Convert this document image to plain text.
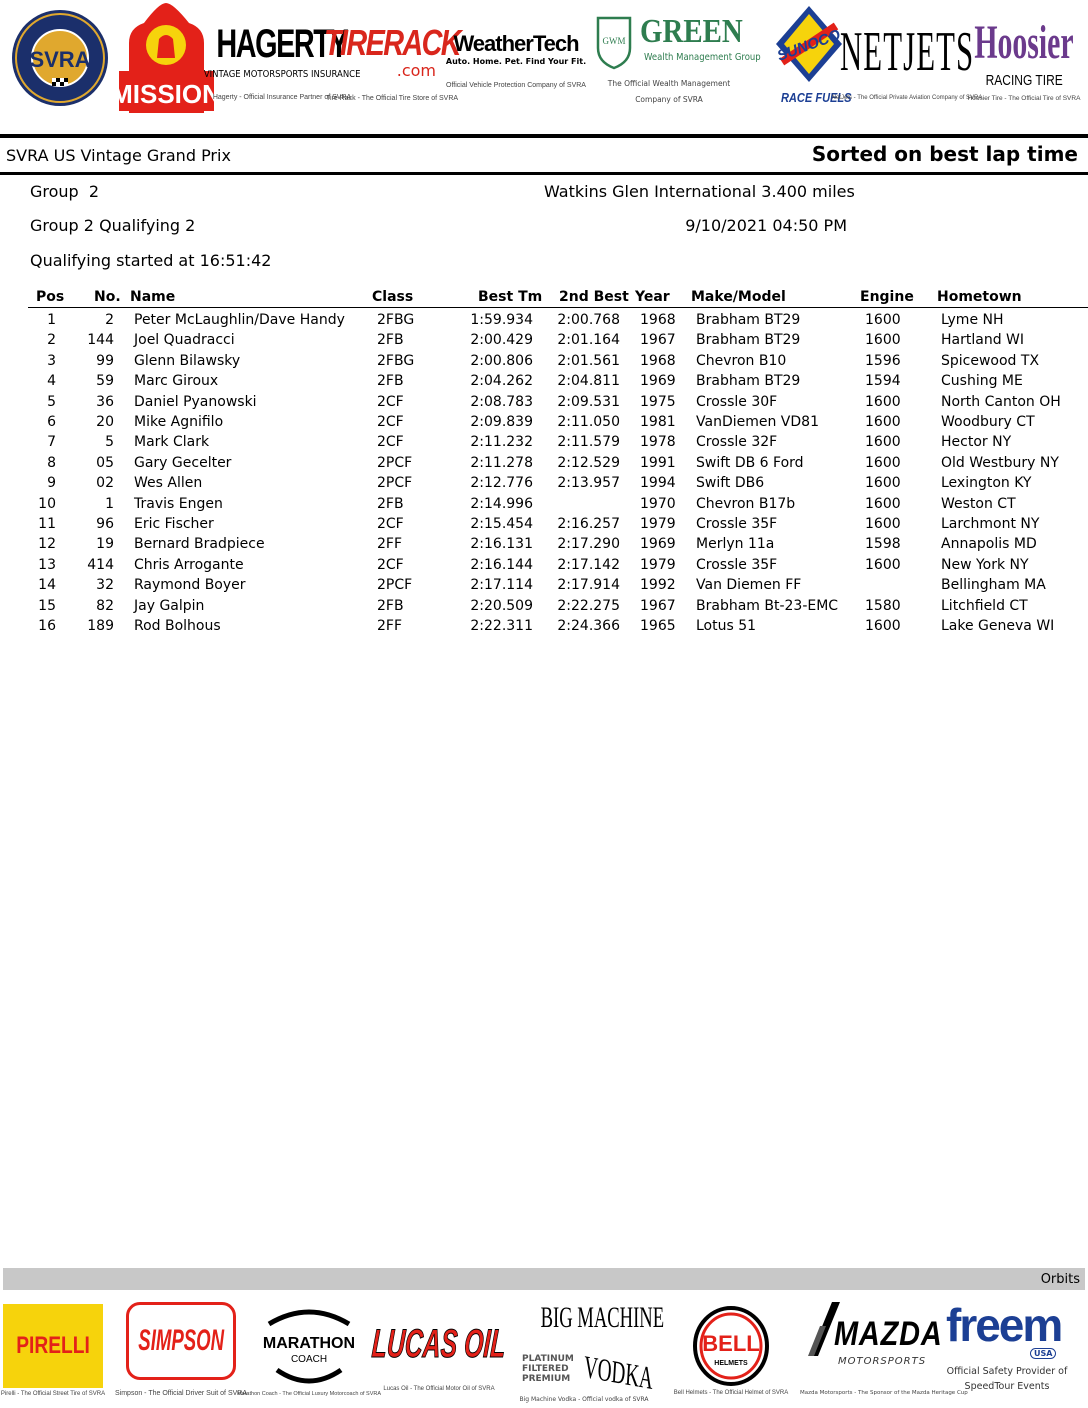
SVRA
MISSION
HAGERTY
VINTAGE MOTORSPORTS INSURANCE
Hagerty - Official Insurance Partner of SVRA
TIRERACK
.com
Tire Rack - The Official Tire Store of SVRA
WeatherTech
Auto. Home. Pet. Find Your Fit.
Official Vehicle Protection Company of SVRA
GWM GREEN
Wealth Management Group
The Official Wealth Management Company of SVRA
SUNOCO
RACE FUELS
NETJETS
NetJets - The Official Private Aviation Company of SVRA
Hoosier
RACING TIRE
Hoosier Tire - The Official Tire of SVRA
SVRA US Vintage Grand Prix	Sorted on best lap time
Group  2	Watkins Glen International 3.400 miles
Group 2 Qualifying 2	9/10/2021 04:50 PM
Qualifying started at 16:51:42
Pos No. Name	Class	Best Tm 2nd Best Year Make/Model	Engine Hometown
1	2 Peter McLaughlin/Dave Handy	2FBG	1:59.934	2:00.768 1968	Brabham BT29	1600	Lyme NH
2	144 Joel Quadracci	2FB	2:00.429	2:01.164 1967	Brabham BT29	1600	Hartland WI
3	99 Glenn Bilawsky	2FBG	2:00.806	2:01.561 1968	Chevron B10	1596	Spicewood TX
4	59 Marc Giroux	2FB	2:04.262	2:04.811 1969	Brabham BT29	1594	Cushing ME
5	36 Daniel Pyanowski	2CF	2:08.783	2:09.531 1975	Crossle 30F	1600	North Canton OH
6	20 Mike Agnifilo	2CF	2:09.839	2:11.050 1981	VanDiemen VD81	1600	Woodbury CT
7	5 Mark Clark	2CF	2:11.232	2:11.579 1978	Crossle 32F	1600	Hector NY
8	05 Gary Gecelter	2PCF	2:11.278	2:12.529 1991	Swift DB 6 Ford	1600	Old Westbury NY
9	02 Wes Allen	2PCF	2:12.776	2:13.957 1994	Swift DB6	1600	Lexington KY
10	1 Travis Engen	2FB	2:14.996	1970	Chevron B17b	1600	Weston CT
11	96 Eric Fischer	2CF	2:15.454	2:16.257 1979	Crossle 35F	1600	Larchmont NY
12	19 Bernard Bradpiece	2FF	2:16.131	2:17.290 1969	Merlyn 11a	1598	Annapolis MD
13	414 Chris Arrogante	2CF	2:16.144	2:17.142 1979	Crossle 35F	1600	New York NY
14	32 Raymond Boyer	2PCF	2:17.114	2:17.914 1992	Van Diemen FF	Bellingham MA
15	82 Jay Galpin	2FB	2:20.509	2:22.275 1967	Brabham Bt-23-EMC	1580	Litchfield CT
16	189 Rod Bolhous	2FF	2:22.311	2:24.366 1965	Lotus 51	1600	Lake Geneva WI
Orbits
PIRELLI
Pirelli - The Official Street Tire of SVRA
SIMPSON
Simpson - The Official Driver Suit of SVRA
MARATHON
COACH
Marathon Coach - The Official Luxury Motorcoach of SVRA
LUCAS OIL
Lucas Oil - The Official Motor Oil of SVRA
BIG MACHINE
PLATINUM FILTERED PREMIUM VODKA
Big Machine Vodka - Official vodka of SVRA
BELL
HELMETS
Bell Helmets - The Official Helmet of SVRA
MAZDA
MOTORSPORTS
Mazda Motorsports - The Sponsor of the Mazda Heritage Cup
freem
USA
Official Safety Provider of SpeedTour Events
